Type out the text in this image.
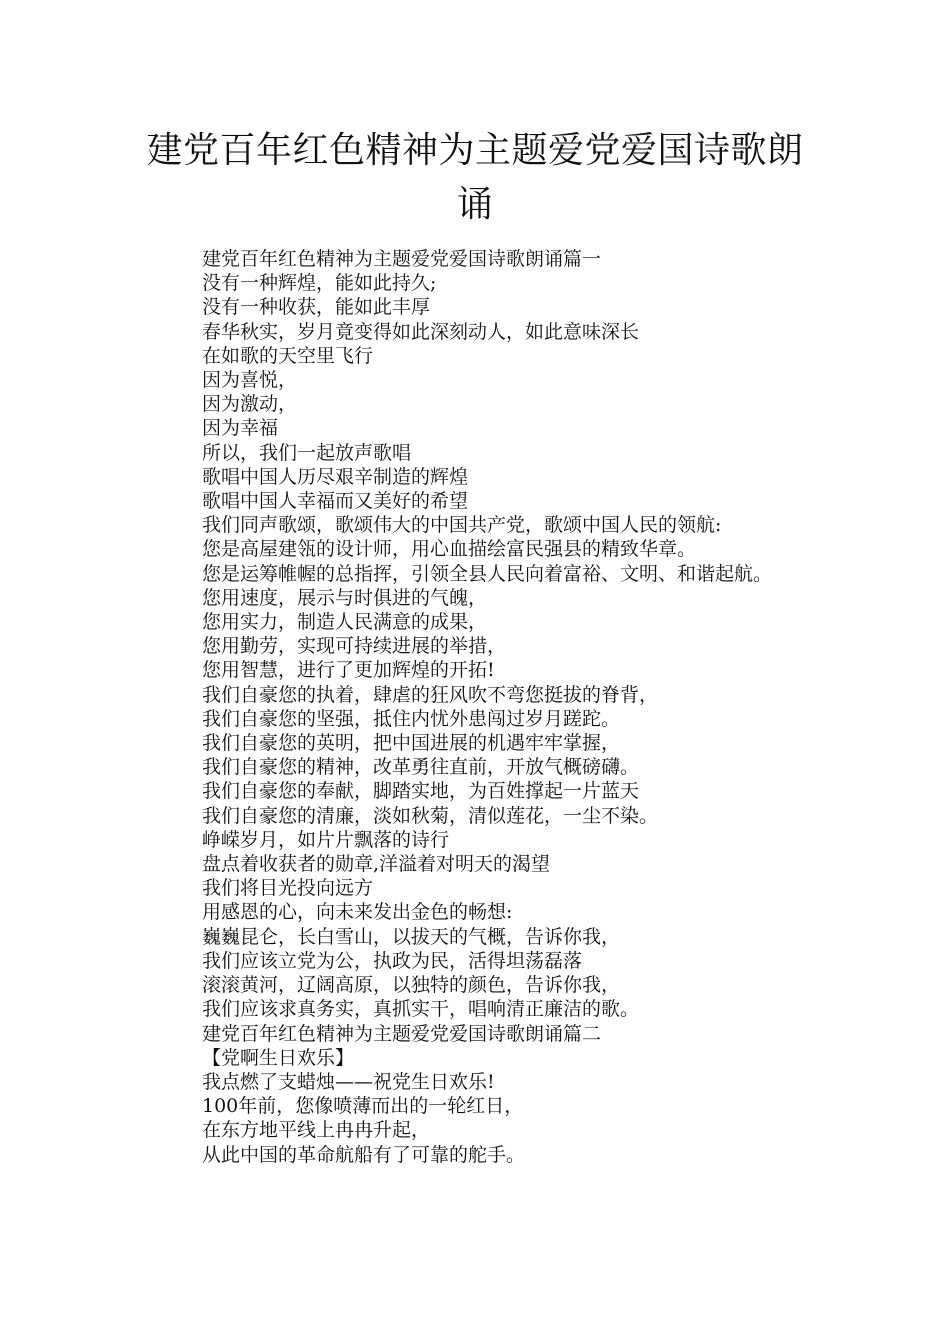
建党百年红色精神为主题爱党爱国诗歌朗诵
建党百年红色精神为主题爱党爱国诗歌朗诵篇一
没有一种辉煌，能如此持久;
没有一种收获，能如此丰厚
春华秋实，岁月竟变得如此深刻动人，如此意味深长
在如歌的天空里飞行
因为喜悦，
因为激动，
因为幸福
所以，我们一起放声歌唱
歌唱中国人历尽艰辛制造的辉煌
歌唱中国人幸福而又美好的希望
我们同声歌颂，歌颂伟大的中国共产党，歌颂中国人民的领航:
您是高屋建瓴的设计师，用心血描绘富民强县的精致华章。
您是运筹帷幄的总指挥，引领全县人民向着富裕、文明、和谐起航。
您用速度，展示与时俱进的气魄，
您用实力，制造人民满意的成果，
您用勤劳，实现可持续进展的举措，
您用智慧，进行了更加辉煌的开拓!
我们自豪您的执着，肆虐的狂风吹不弯您挺拔的脊背，
我们自豪您的坚强，抵住内忧外患闯过岁月蹉跎。
我们自豪您的英明，把中国进展的机遇牢牢掌握，
我们自豪您的精神，改革勇往直前，开放气概磅礴。
我们自豪您的奉献，脚踏实地，为百姓撑起一片蓝天
我们自豪您的清廉，淡如秋菊，清似莲花，一尘不染。
峥嵘岁月，如片片飘落的诗行
盘点着收获者的勋章,洋溢着对明天的渴望
我们将目光投向远方
用感恩的心，向未来发出金色的畅想:
巍巍昆仑，长白雪山，以拔天的气概，告诉你我，
我们应该立党为公，执政为民，活得坦荡磊落
滚滚黄河，辽阔高原，以独特的颜色，告诉你我，
我们应该求真务实，真抓实干，唱响清正廉洁的歌。
建党百年红色精神为主题爱党爱国诗歌朗诵篇二
【党啊生日欢乐】
我点燃了支蜡烛——祝党生日欢乐!
100年前，您像喷薄而出的一轮红日，
在东方地平线上冉冉升起，
从此中国的革命航船有了可靠的舵手。
